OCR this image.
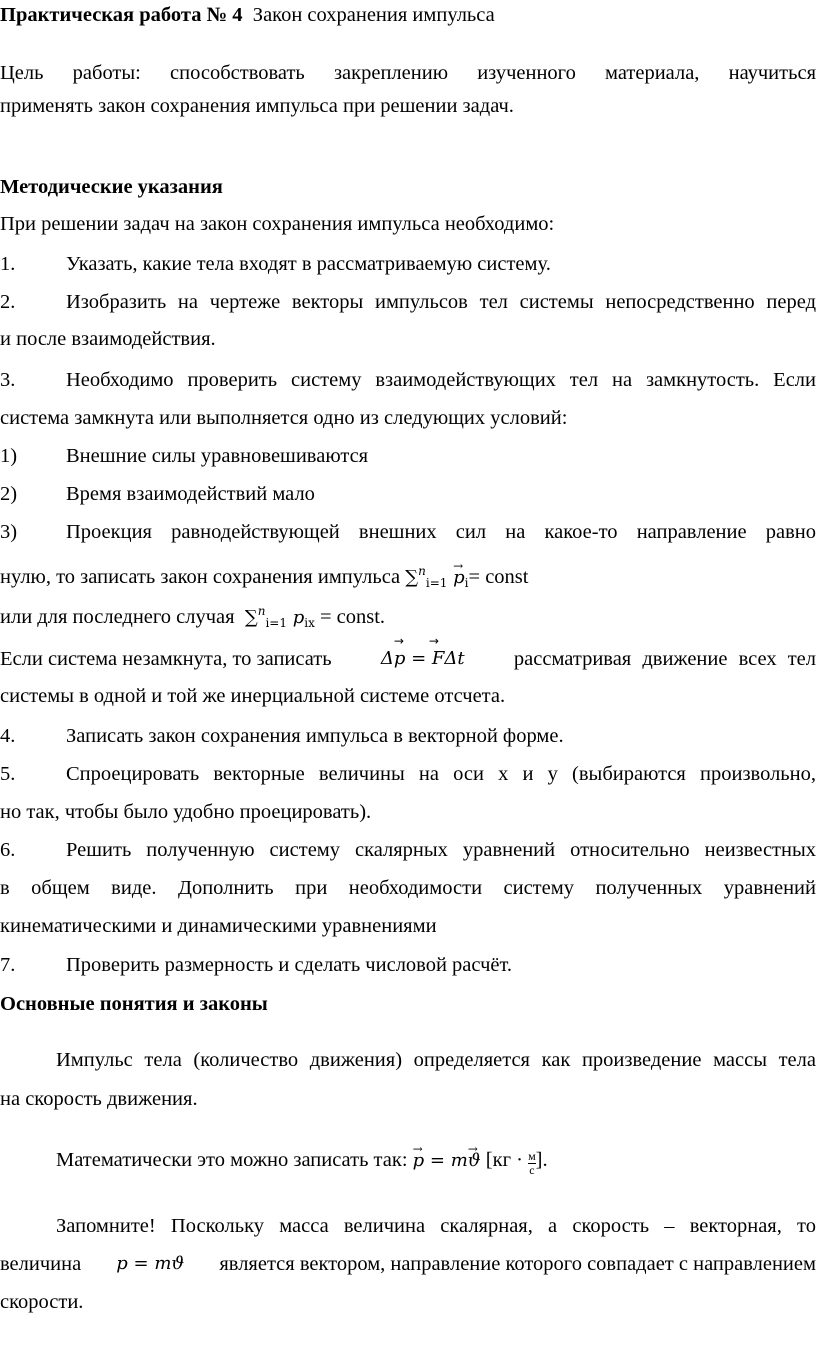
Практическая работа № 4 Закон сохранения импульса
Цель работы: способствовать закреплению изученного материала, научиться
применять закон сохранения импульса при решении задач.
Методические указания
При решении задач на закон сохранения импульса необходимо:
1. Указать, какие тела входят в рассматриваемую систему.
2. Изобразить на чертеже векторы импульсов тел системы непосредственно перед
и после взаимодействия.
3. Необходимо проверить систему взаимодействующих тел на замкнутость. Если
система замкнута или выполняется одно из следующих условий:
1) Внешние силы уравновешиваются
2) Время взаимодействий мало
3) Проекция равнодействующей внешних сил на какое-то направление равно
нулю, то записать закон сохранения импульса $\sum^n_{i=1} \to p_i=$ const
или для последнего случая ∑$^n_{i=1}$ $p_{ix}$ = const.
Если система незамкнута, то записать	Δp = FΔt
→ →
рассматривая движение всех тел
системы в одной и той же инерциальной системе отсчета.
4. Записать закон сохранения импульса в векторной форме.
5. Спроецировать векторные величины на оси x и y (выбираются произвольно,
но так, чтобы было удобно проецировать).
6. Решить полученную систему скалярных уравнений относительно неизвестных
в общем виде. Дополнить при необходимости систему полученных уравнений
кинематическими и динамическими уравнениями
7. Проверить размерность и сделать числовой расчёт.
Основные понятия и законы
Импульс тела (количество движения) определяется как произведение массы тела
на скорость движения.
Математически это можно записать так: → p = m→ ϑ [$кг \cdot \frac{м}{с}$ ].
Запомните! Поскольку масса величина скалярная, а скорость – векторная, то
величина p = mϑ является вектором, направление которого совпадает с направлением
скорости.
